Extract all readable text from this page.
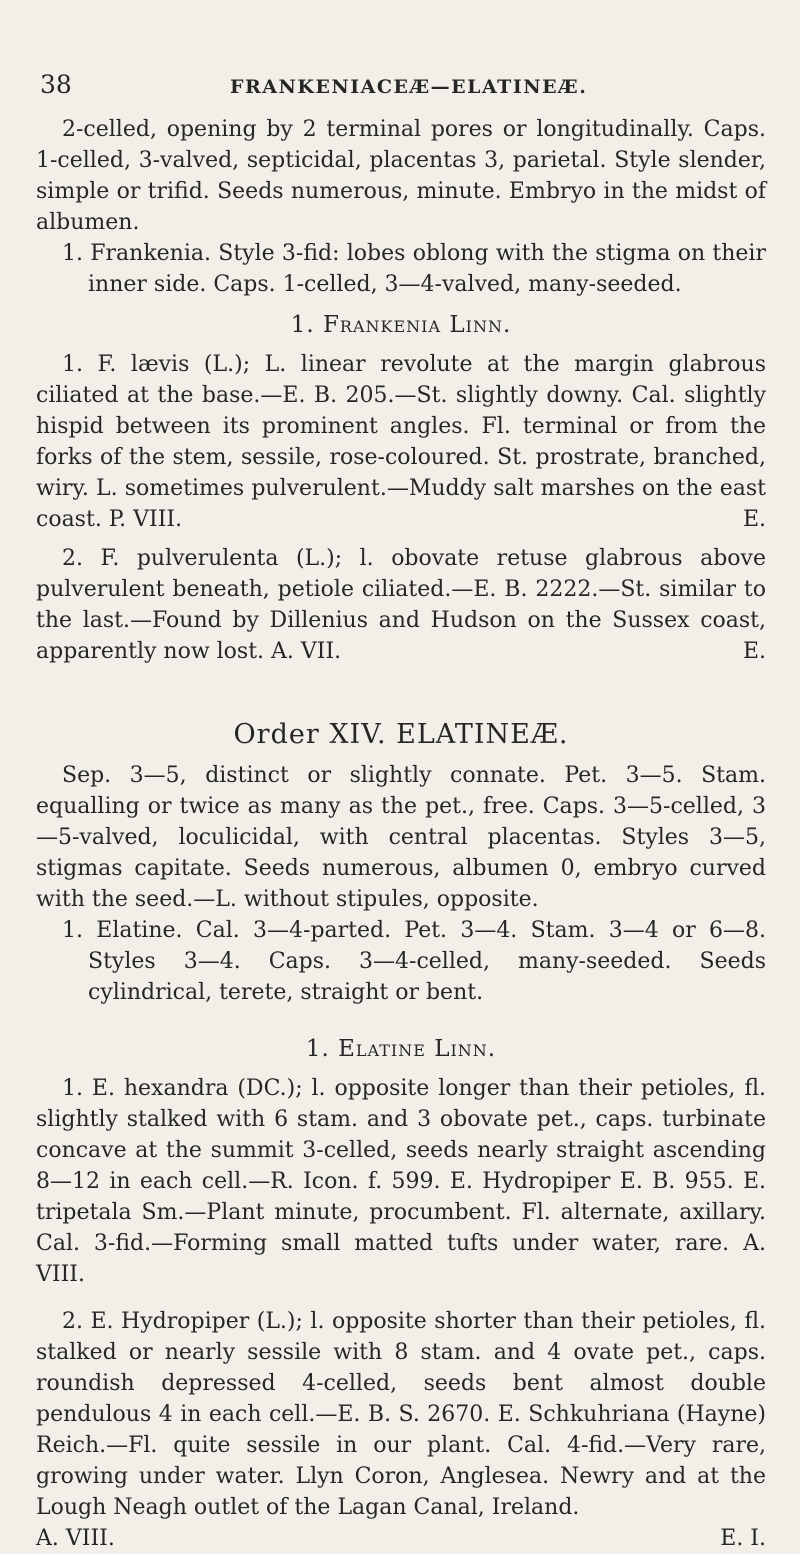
38	FRANKENIACEÆ—ELATINEÆ.

2-celled, opening by 2 terminal pores or longitudinally. Caps. 1-celled, 3-valved, septicidal, placentas 3, parietal. Style slender, simple or trifid. Seeds numerous, minute. Embryo in the midst of albumen.

1. Frankenia. Style 3-fid: lobes oblong with the stigma on their inner side. Caps. 1-celled, 3—4-valved, many-seeded.

1. Frankenia Linn.

1. F. lævis (L.); L. linear revolute at the margin glabrous ciliated at the base.—E. B. 205.—St. slightly downy. Cal. slightly hispid between its prominent angles. Fl. terminal or from the forks of the stem, sessile, rose-coloured. St. prostrate, branched, wiry. L. sometimes pulverulent.—Muddy salt marshes on the east coast. P. VIII.	E.

2. F. pulverulenta (L.); l. obovate retuse glabrous above pulverulent beneath, petiole ciliated.—E. B. 2222.—St. similar to the last.—Found by Dillenius and Hudson on the Sussex coast, apparently now lost. A. VII.	E.

Order XIV. ELATINEÆ.

Sep. 3—5, distinct or slightly connate. Pet. 3—5. Stam. equalling or twice as many as the pet., free. Caps. 3—5-celled, 3—5-valved, loculicidal, with central placentas. Styles 3—5, stigmas capitate. Seeds numerous, albumen 0, embryo curved with the seed.—L. without stipules, opposite.

1. Elatine. Cal. 3—4-parted. Pet. 3—4. Stam. 3—4 or 6—8. Styles 3—4. Caps. 3—4-celled, many-seeded. Seeds cylindrical, terete, straight or bent.

1. Elatine Linn.

1. E. hexandra (DC.); l. opposite longer than their petioles, fl. slightly stalked with 6 stam. and 3 obovate pet., caps. turbinate concave at the summit 3-celled, seeds nearly straight ascending 8—12 in each cell.—R. Icon. f. 599. E. Hydropiper E. B. 955. E. tripetala Sm.—Plant minute, procumbent. Fl. alternate, axillary. Cal. 3-fid.—Forming small matted tufts under water, rare. A. VIII.

2. E. Hydropiper (L.); l. opposite shorter than their petioles, fl. stalked or nearly sessile with 8 stam. and 4 ovate pet., caps. roundish depressed 4-celled, seeds bent almost double pendulous 4 in each cell.—E. B. S. 2670. E. Schkuhriana (Hayne) Reich.—Fl. quite sessile in our plant. Cal. 4-fid.—Very rare, growing under water. Llyn Coron, Anglesea. Newry and at the Lough Neagh outlet of the Lagan Canal, Ireland.

A. VIII.	E. I.
